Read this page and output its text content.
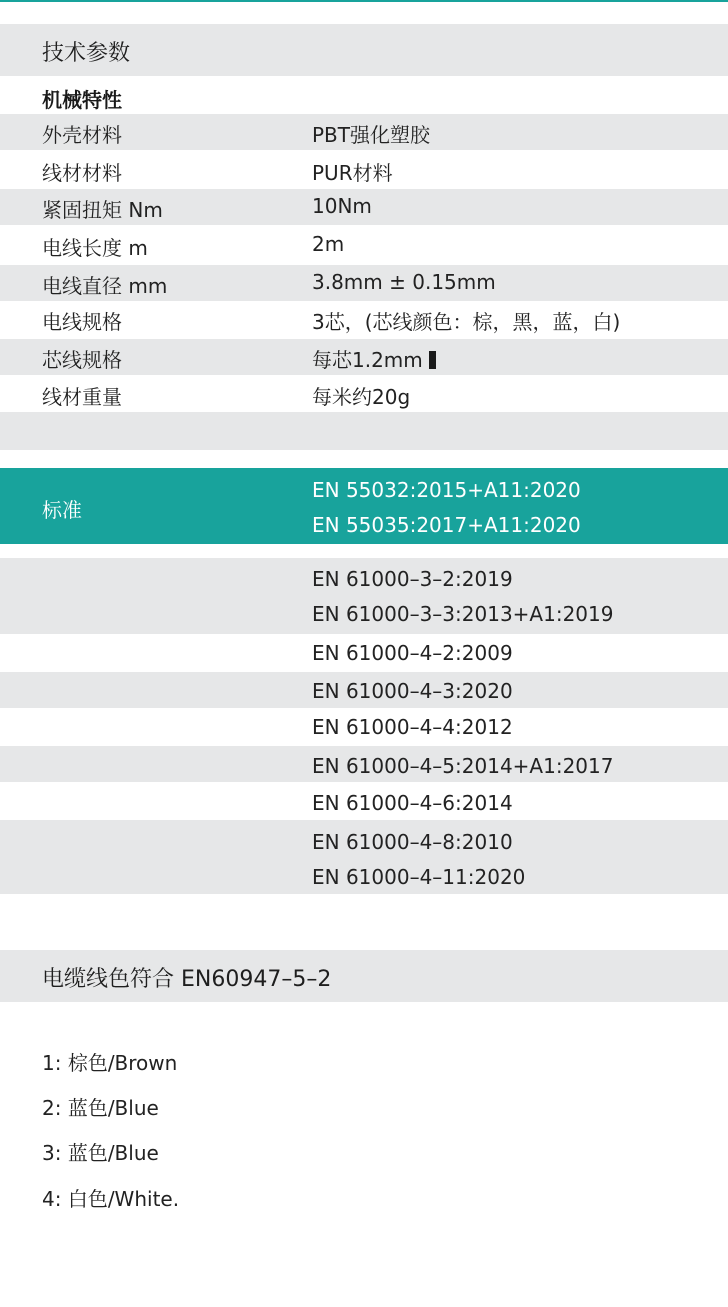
技术参数
机械特性
外壳材料	PBT强化塑胶
线材材料	PUR材料
紧固扭矩 Nm	10Nm
电线长度 m	2m
电线直径 mm	3.8mm ± 0.15mm
电线规格	3芯，(芯线颜色：棕，黑，蓝，白)
芯线规格	每芯1.2mm
线材重量	每米约20g
标准
EN 55032:2015+A11:2020
EN 55035:2017+A11:2020
EN 61000–3–2:2019
EN 61000–3–3:2013+A1:2019
EN 61000–4–2:2009
EN 61000–4–3:2020
EN 61000–4–4:2012
EN 61000–4–5:2014+A1:2017
EN 61000–4–6:2014
EN 61000–4–8:2010
EN 61000–4–11:2020
电缆线色符合 EN60947–5–2
1: 棕色/Brown
2: 蓝色/Blue
3: 蓝色/Blue
4: 白色/White.
